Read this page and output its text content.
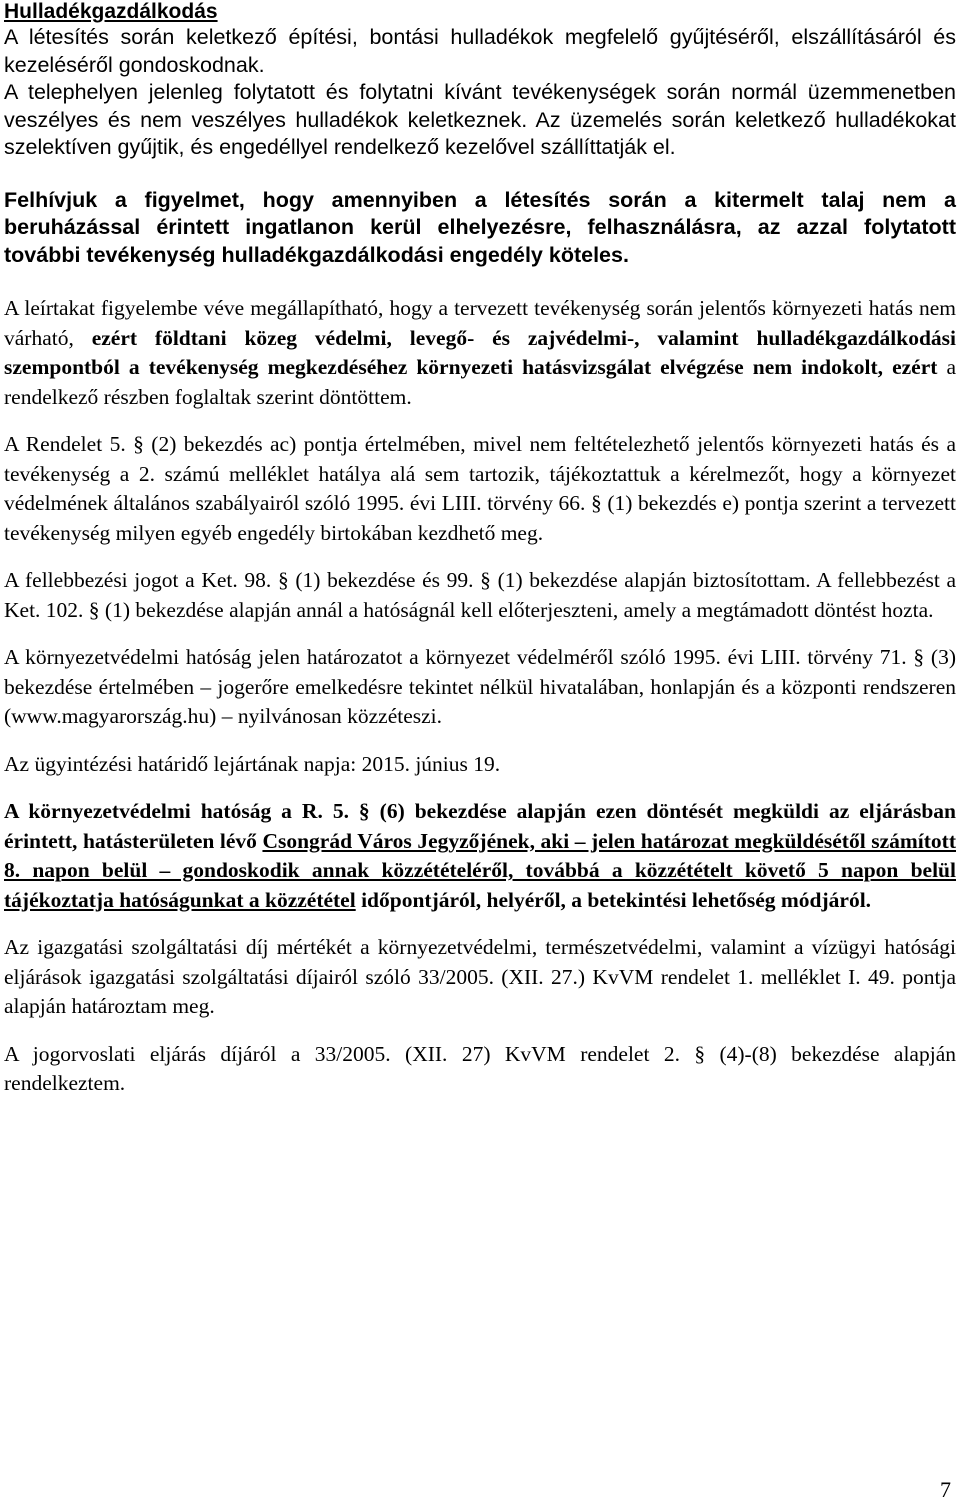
Hulladékgazdálkodás

A létesítés során keletkező építési, bontási hulladékok megfelelő gyűjtéséről, elszállításáról és kezeléséről gondoskodnak.

A telephelyen jelenleg folytatott és folytatni kívánt tevékenységek során normál üzemmenetben veszélyes és nem veszélyes hulladékok keletkeznek. Az üzemelés során keletkező hulladékokat szelektíven gyűjtik, és engedéllyel rendelkező kezelővel szállíttatják el.

Felhívjuk a figyelmet, hogy amennyiben a létesítés során a kitermelt talaj nem a beruházással érintett ingatlanon kerül elhelyezésre, felhasználásra, az azzal folytatott további tevékenység hulladékgazdálkodási engedély köteles.

A leírtakat figyelembe véve megállapítható, hogy a tervezett tevékenység során jelentős környezeti hatás nem várható, ezért földtani közeg védelmi, levegő- és zajvédelmi-, valamint hulladékgazdálkodási szempontból a tevékenység megkezdéséhez környezeti hatásvizsgálat elvégzése nem indokolt, ezért a rendelkező részben foglaltak szerint döntöttem.

A Rendelet 5. § (2) bekezdés ac) pontja értelmében, mivel nem feltételezhető jelentős környezeti hatás és a tevékenység a 2. számú melléklet hatálya alá sem tartozik, tájékoztattuk a kérelmezőt, hogy a környezet védelmének általános szabályairól szóló 1995. évi LIII. törvény 66. § (1) bekezdés e) pontja szerint a tervezett tevékenység milyen egyéb engedély birtokában kezdhető meg.

A fellebbezési jogot a Ket. 98. § (1) bekezdése és 99. § (1) bekezdése alapján biztosítottam. A fellebbezést a Ket. 102. § (1) bekezdése alapján annál a hatóságnál kell előterjeszteni, amely a megtámadott döntést hozta.

A környezetvédelmi hatóság jelen határozatot a környezet védelméről szóló 1995. évi LIII. törvény 71. § (3) bekezdése értelmében – jogerőre emelkedésre tekintet nélkül hivatalában, honlapján és a központi rendszeren (www.magyarország.hu) – nyilvánosan közzéteszi.

Az ügyintézési határidő lejártának napja: 2015. június 19.

A környezetvédelmi hatóság a R. 5. § (6) bekezdése alapján ezen döntését megküldi az eljárásban érintett, hatásterületen lévő Csongrád Város Jegyzőjének, aki – jelen határozat megküldésétől számított 8. napon belül – gondoskodik annak közzétételéről, továbbá a közzétételt követő 5 napon belül tájékoztatja hatóságunkat a közzététel időpontjáról, helyéről, a betekintési lehetőség módjáról.

Az igazgatási szolgáltatási díj mértékét a környezetvédelmi, természetvédelmi, valamint a vízügyi hatósági eljárások igazgatási szolgáltatási díjairól szóló 33/2005. (XII. 27.) KvVM rendelet 1. melléklet I. 49. pontja alapján határoztam meg.

A jogorvoslati eljárás díjáról a 33/2005. (XII. 27) KvVM rendelet 2. § (4)-(8) bekezdése alapján rendelkeztem.

7
